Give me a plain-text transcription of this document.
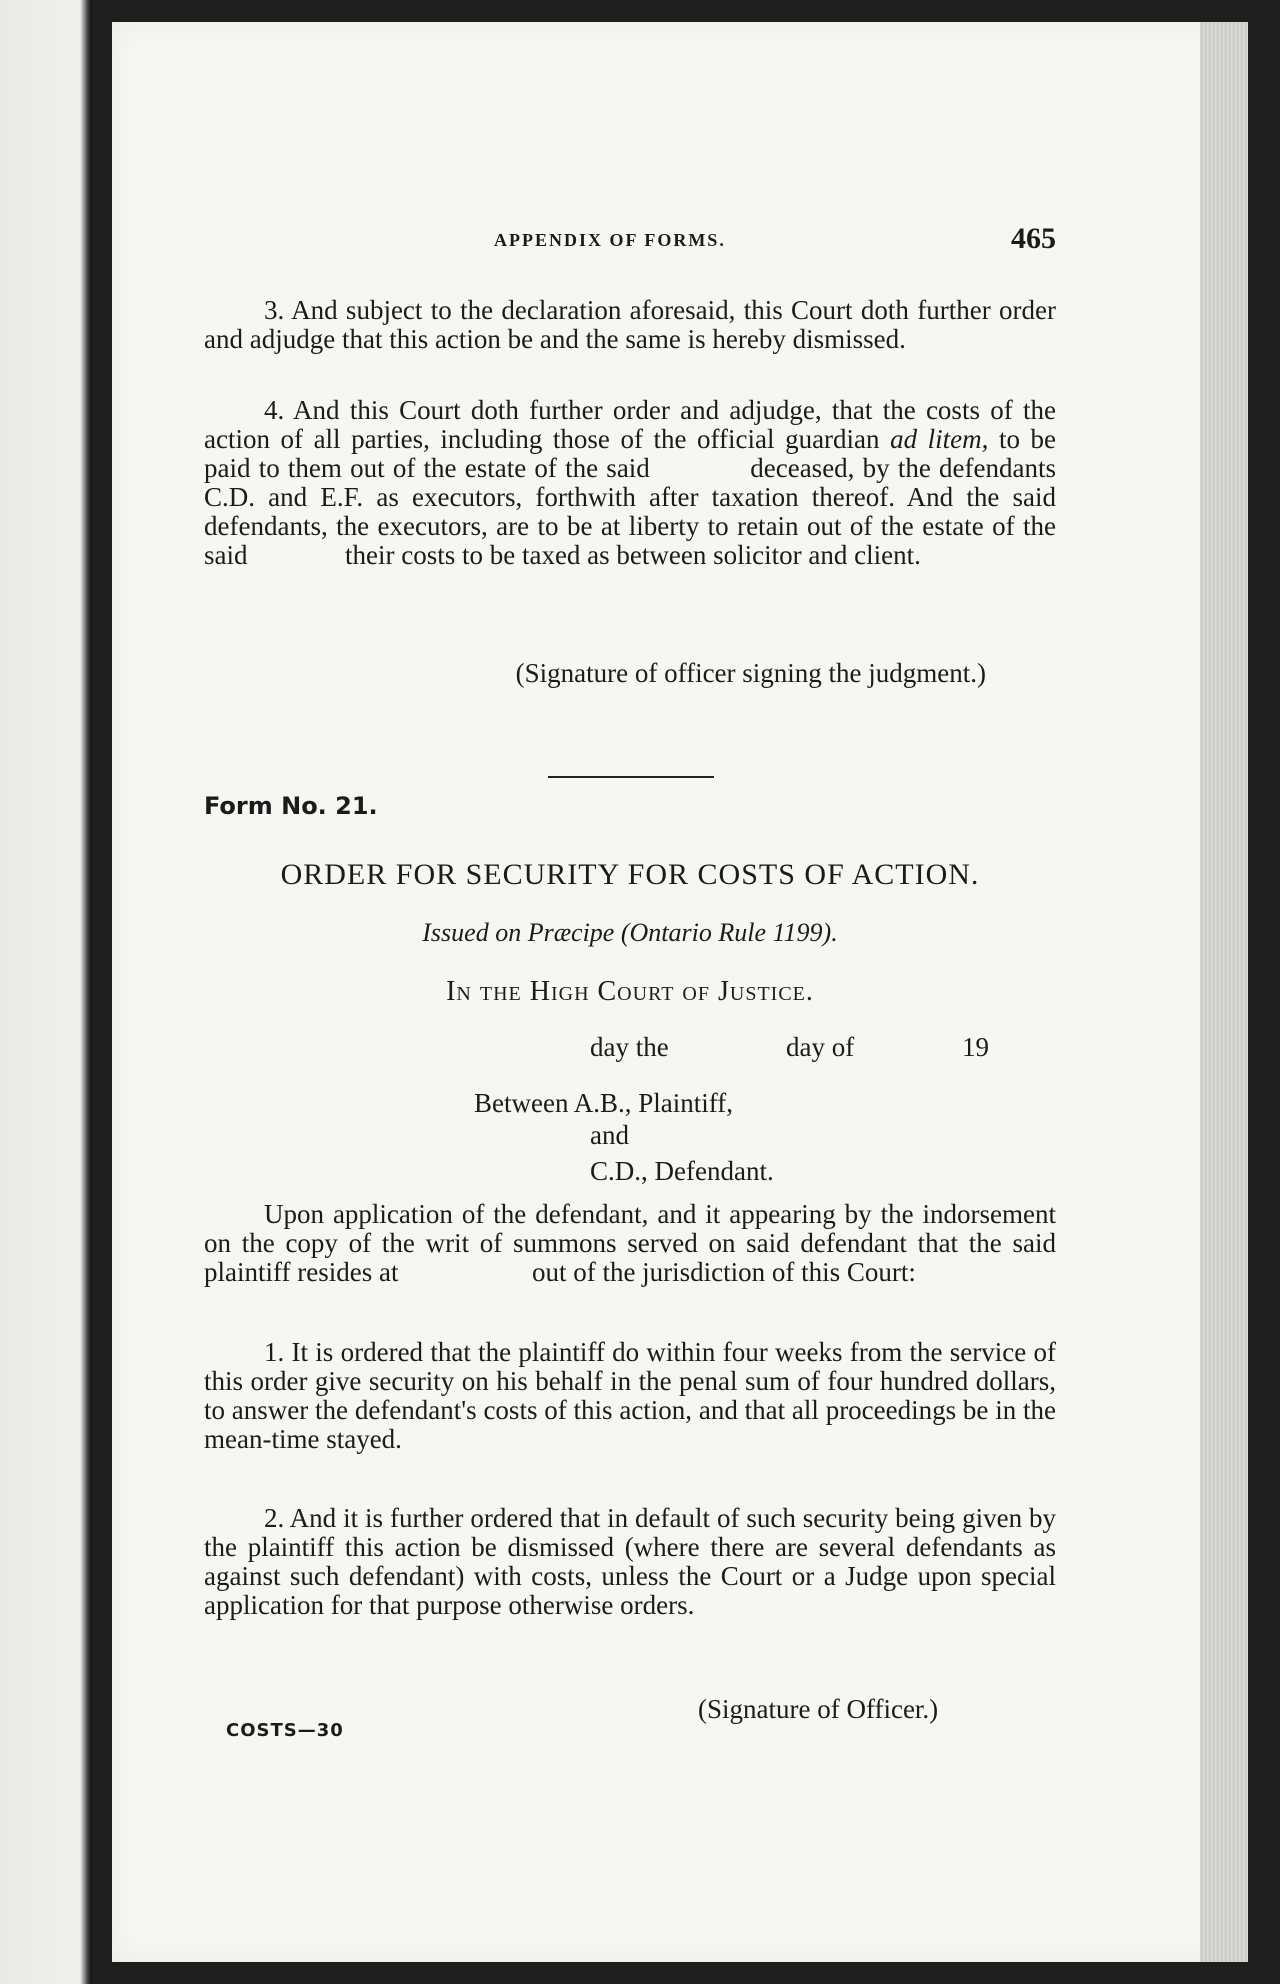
APPENDIX OF FORMS.	465

3. And subject to the declaration aforesaid, this Court doth further order and adjudge that this action be and the same is hereby dismissed.

4. And this Court doth further order and adjudge, that the costs of the action of all parties, including those of the official guardian ad litem, to be paid to them out of the estate of the said	deceased, by the defendants C.D. and E.F. as executors, forthwith after taxation thereof. And the said defendants, the executors, are to be at liberty to retain out of the estate of the said	their costs to be taxed as between solicitor and client.

(Signature of officer signing the judgment.)
Form No. 21.
ORDER FOR SECURITY FOR COSTS OF ACTION.
Issued on Præcipe (Ontario Rule 1199).
In the High Court of Justice.
day the	day of	19
Between A.B., Plaintiff,
and
C.D., Defendant.

Upon application of the defendant, and it appearing by the indorsement on the copy of the writ of summons served on said defendant that the said plaintiff resides at	out of the jurisdiction of this Court:

1. It is ordered that the plaintiff do within four weeks from the service of this order give security on his behalf in the penal sum of four hundred dollars, to answer the defendant's costs of this action, and that all proceedings be in the mean-time stayed.

2. And it is further ordered that in default of such security being given by the plaintiff this action be dismissed (where there are several defendants as against such defendant) with costs, unless the Court or a Judge upon special application for that purpose otherwise orders.

(Signature of Officer.)
COSTS—30
